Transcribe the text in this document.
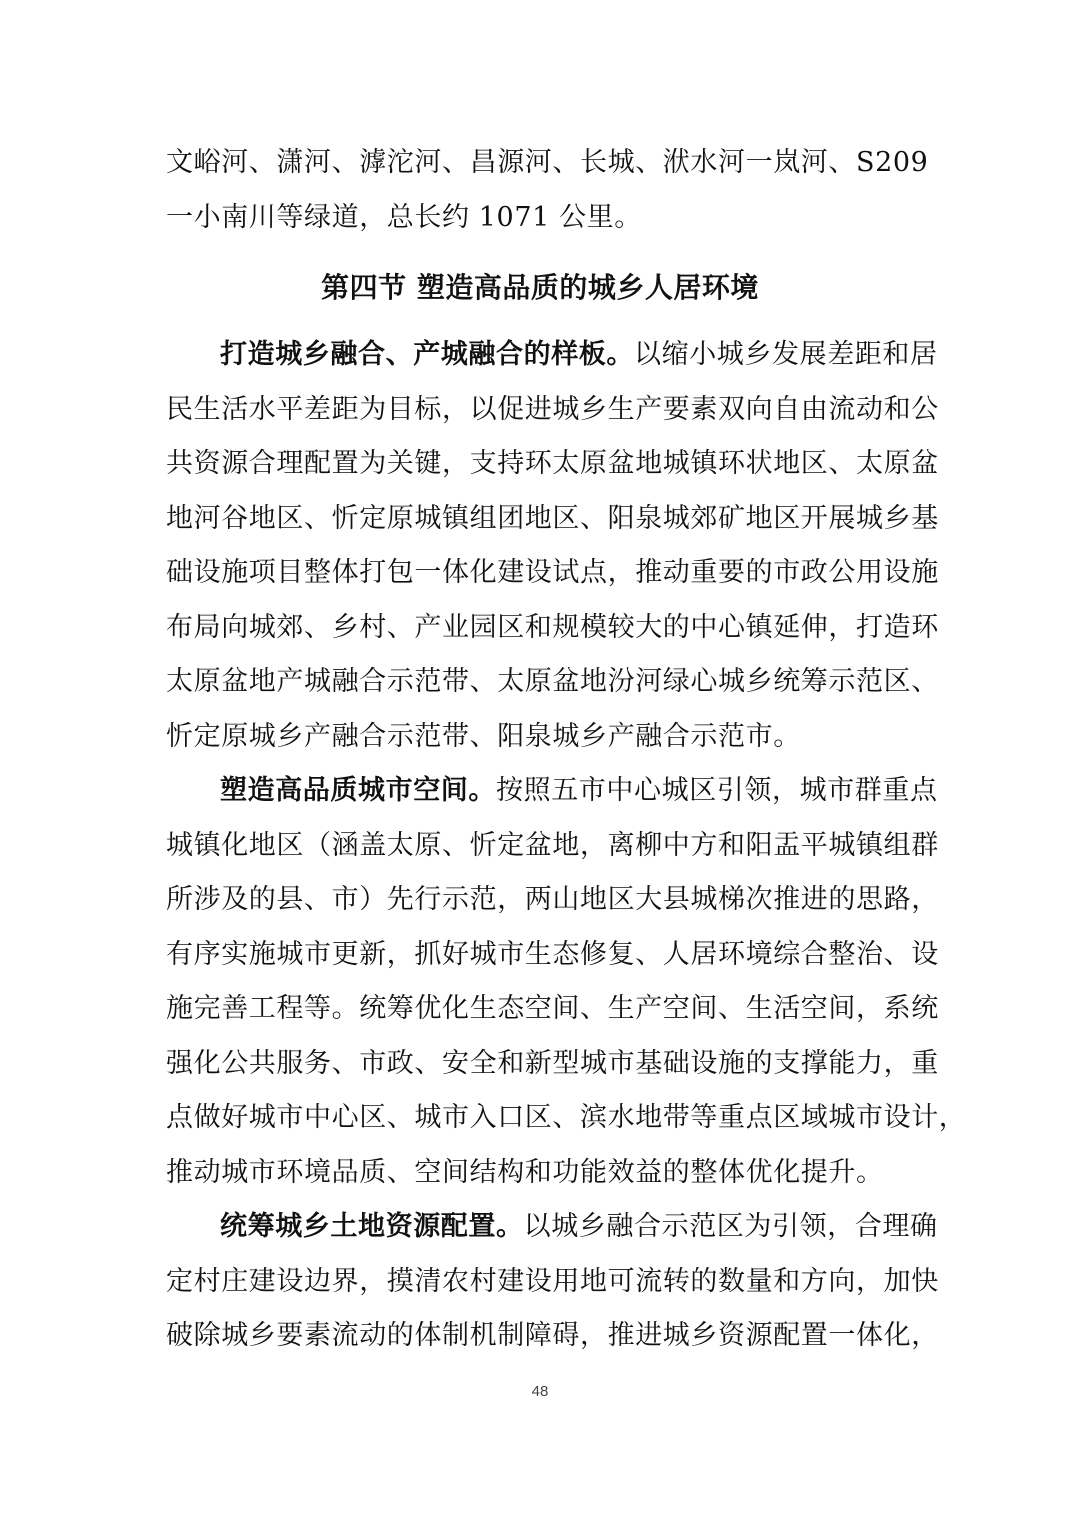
文峪河、潇河、滹沱河、昌源河、长城、洑水河一岚河、S209
一小南川等绿道，总长约 1071 公里。
第四节 塑造高品质的城乡人居环境
打造城乡融合、产城融合的样板。以缩小城乡发展差距和居
民生活水平差距为目标，以促进城乡生产要素双向自由流动和公
共资源合理配置为关键，支持环太原盆地城镇环状地区、太原盆
地河谷地区、忻定原城镇组团地区、阳泉城郊矿地区开展城乡基
础设施项目整体打包一体化建设试点，推动重要的市政公用设施
布局向城郊、乡村、产业园区和规模较大的中心镇延伸，打造环
太原盆地产城融合示范带、太原盆地汾河绿心城乡统筹示范区、
忻定原城乡产融合示范带、阳泉城乡产融合示范市。
塑造高品质城市空间。按照五市中心城区引领，城市群重点
城镇化地区（涵盖太原、忻定盆地，离柳中方和阳盂平城镇组群
所涉及的县、市）先行示范，两山地区大县城梯次推进的思路，
有序实施城市更新，抓好城市生态修复、人居环境综合整治、设
施完善工程等。统筹优化生态空间、生产空间、生活空间，系统
强化公共服务、市政、安全和新型城市基础设施的支撑能力，重
点做好城市中心区、城市入口区、滨水地带等重点区域城市设计，
推动城市环境品质、空间结构和功能效益的整体优化提升。
统筹城乡土地资源配置。以城乡融合示范区为引领，合理确
定村庄建设边界，摸清农村建设用地可流转的数量和方向，加快
破除城乡要素流动的体制机制障碍，推进城乡资源配置一体化，
48
